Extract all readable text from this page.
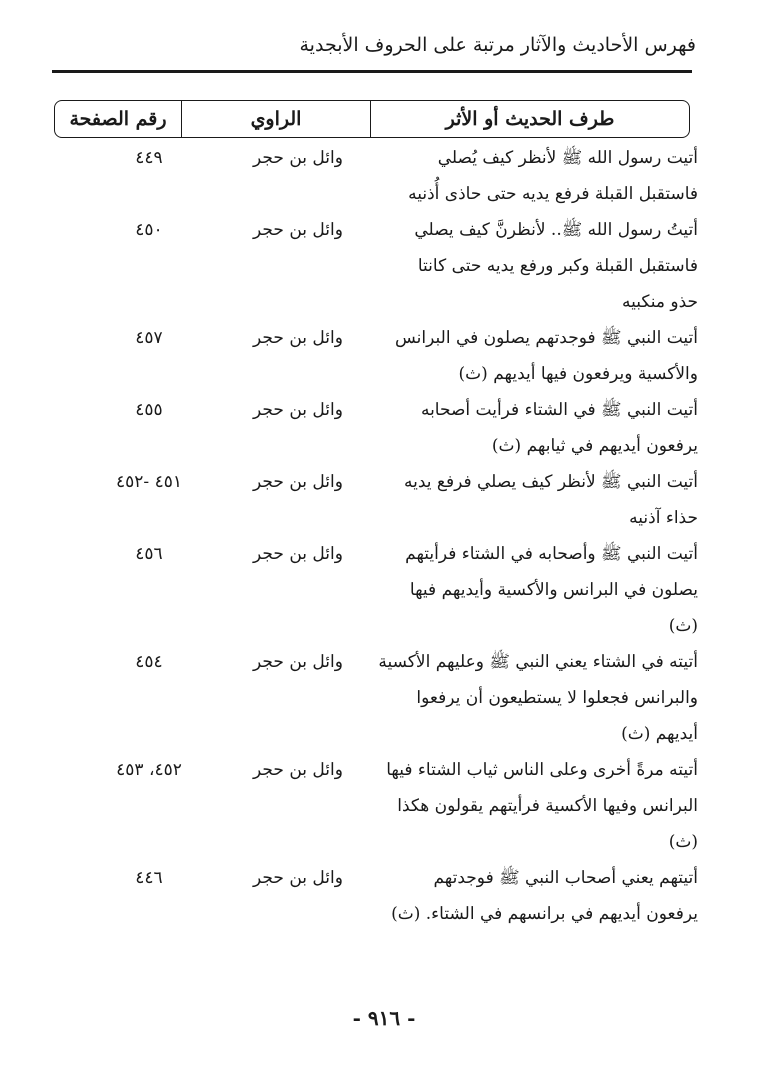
فهرس الأحاديث والآثار مرتبة على الحروف الأبجدية
طرف الحديث أو الأثر
الراوي
رقم الصفحة
أتيت رسول الله ﷺ لأنظر كيف يُصلي
فاستقبل القبلة فرفع يديه حتى حاذى أُذنيه
وائل بن حجر
٤٤٩
أتيتُ رسول الله ﷺ.. لأنظرنَّ كيف يصلي
فاستقبل القبلة وكبر ورفع يديه حتى كانتا
حذو منكبيه
وائل بن حجر
٤٥٠
أتيت النبي ﷺ فوجدتهم يصلون في البرانس
والأكسية ويرفعون فيها أيديهم (ث)
وائل بن حجر
٤٥٧
أتيت النبي ﷺ في الشتاء فرأيت أصحابه
يرفعون أيديهم في ثيابهم (ث)
وائل بن حجر
٤٥٥
أتيت النبي ﷺ لأنظر كيف يصلي فرفع يديه
حذاء آذنيه
وائل بن حجر
٤٥١ -٤٥٢
أتيت النبي ﷺ وأصحابه في الشتاء فرأيتهم
يصلون في البرانس والأكسية وأيديهم فيها
(ث)
وائل بن حجر
٤٥٦
أتيته في الشتاء يعني النبي ﷺ وعليهم الأكسية
والبرانس فجعلوا لا يستطيعون أن يرفعوا
أيديهم (ث)
وائل بن حجر
٤٥٤
أتيته مرةً أخرى وعلى الناس ثياب الشتاء فيها
البرانس وفيها الأكسية فرأيتهم يقولون هكذا
(ث)
وائل بن حجر
٤٥٢، ٤٥٣
أتيتهم يعني أصحاب النبي ﷺ فوجدتهم
يرفعون أيديهم في برانسهم في الشتاء. (ث)
وائل بن حجر
٤٤٦
- ٩١٦ -
